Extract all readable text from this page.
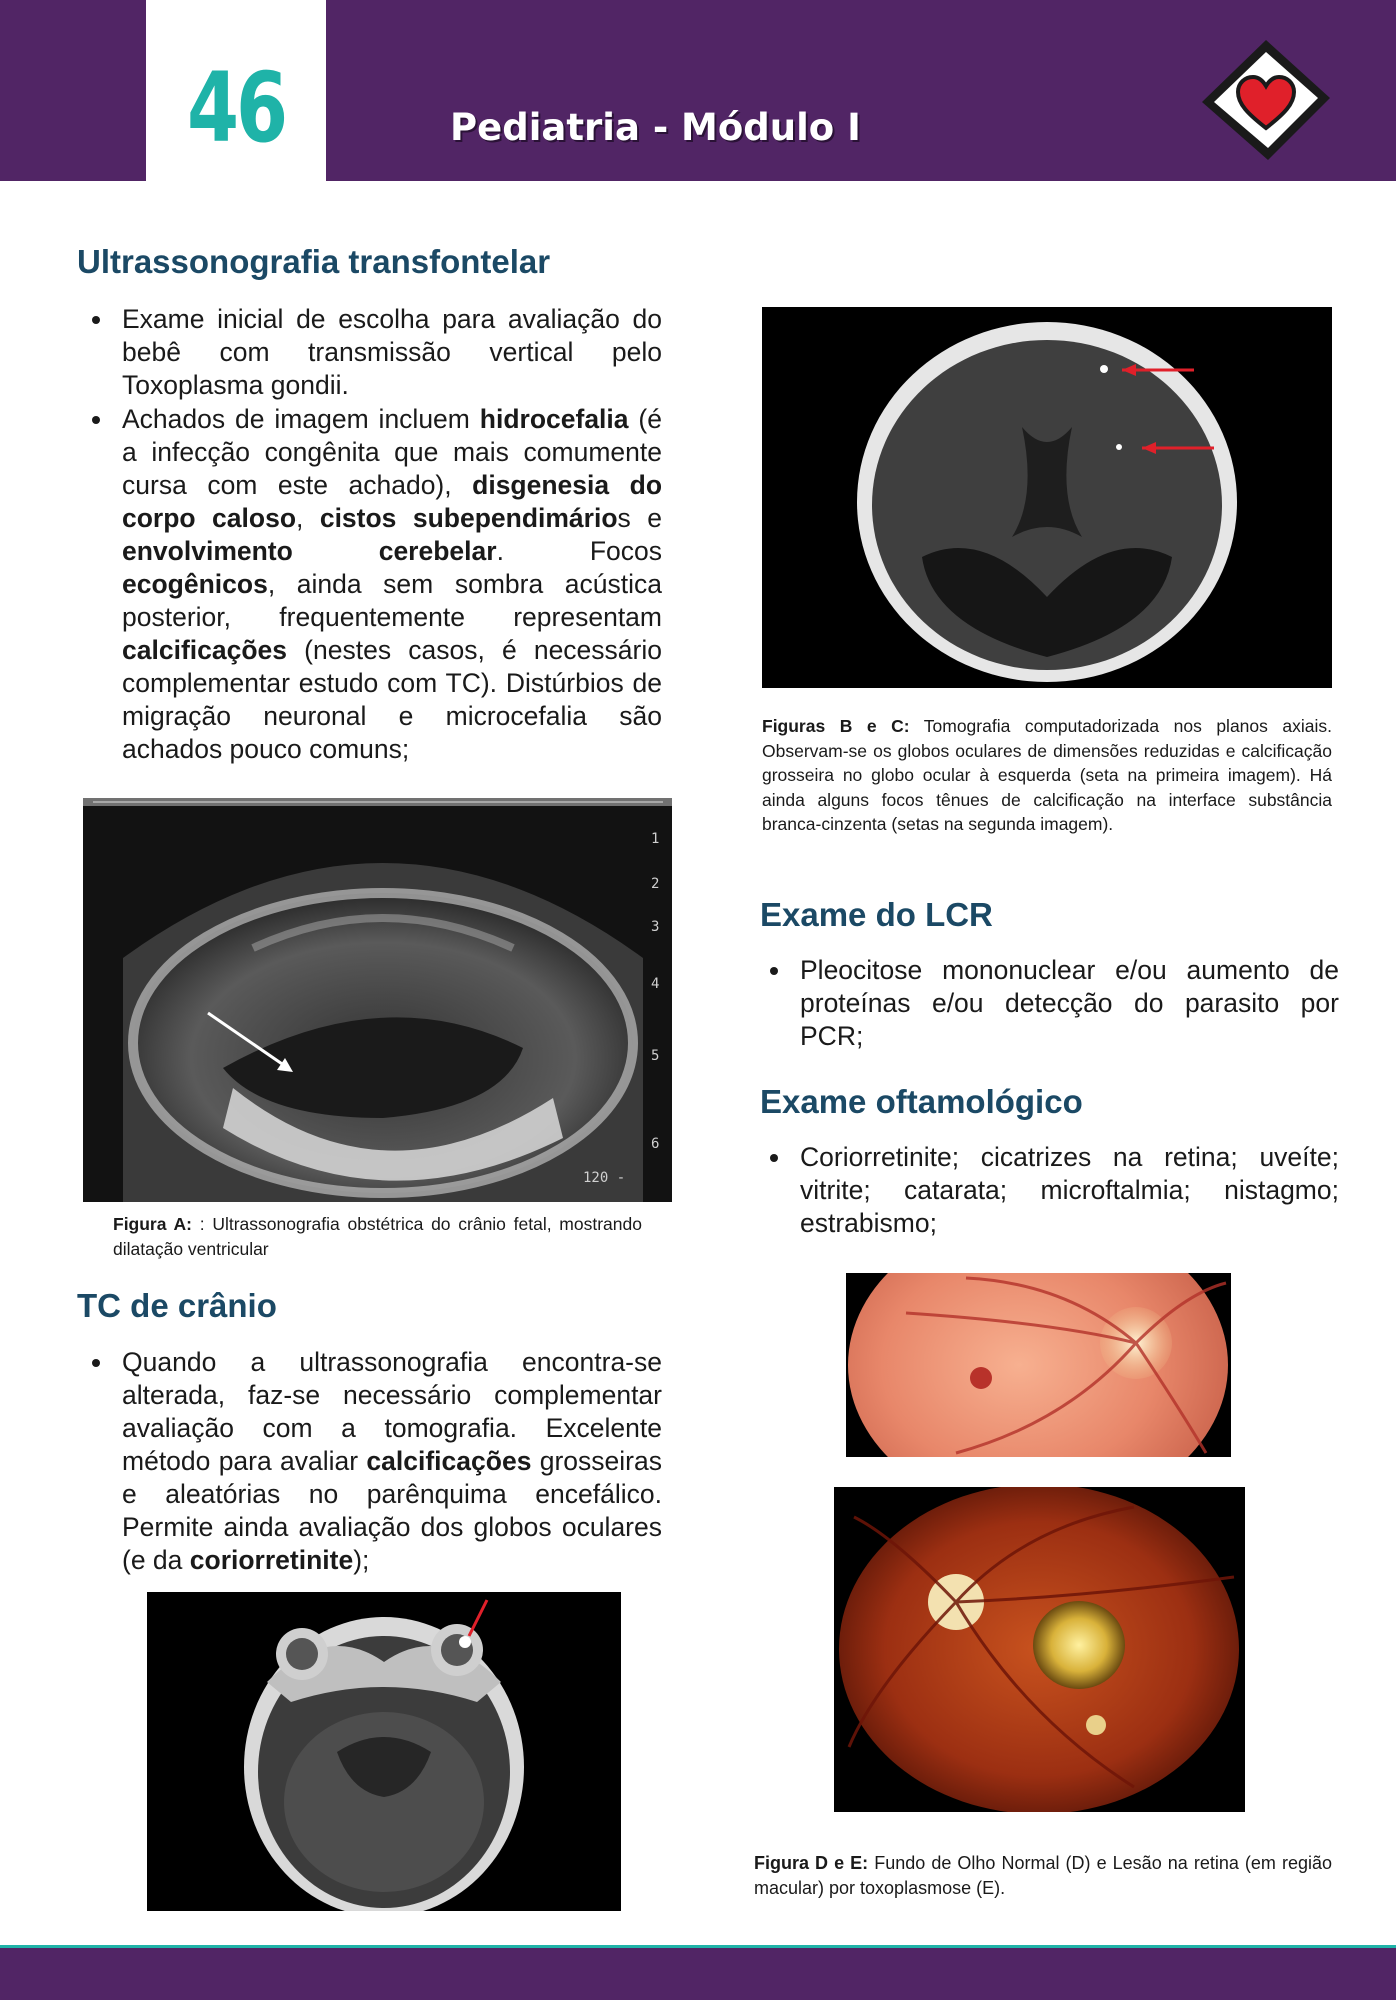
46	Pediatria - Módulo I
Ultrassonografia transfontelar
Exame inicial de escolha para avaliação do bebê com transmissão vertical pelo Toxoplasma gondii.
Achados de imagem incluem hidrocefalia (é a infecção congênita que mais comumente cursa com este achado), disgenesia do corpo caloso, cistos subependimários e envolvimento cerebelar. Focos ecogênicos, ainda sem sombra acústica posterior, frequentemente representam calcificações (nestes casos, é necessário complementar estudo com TC). Distúrbios de migração neuronal e microcefalia são achados pouco comuns;
1
2
3
4
5
6
120 -
Figura A: : Ultrassonografia obstétrica do crânio fetal, mostrando dilatação ventricular
TC de crânio
Quando a ultrassonografia encontra-se alterada, faz-se necessário complementar avaliação com a tomografia. Excelente método para avaliar calcificações grosseiras e aleatórias no parênquima encefálico. Permite ainda avaliação dos globos oculares (e da coriorretinite);
Figuras B e C: Tomografia computadorizada nos planos axiais. Observam-se os globos oculares de dimensões reduzidas e calcificação grosseira no globo ocular à esquerda (seta na primeira imagem). Há ainda alguns focos tênues de calcificação na interface substância branca-cinzenta (setas na segunda imagem).
Exame do LCR
Pleocitose mononuclear e/ou aumento de proteínas e/ou detecção do parasito por PCR;
Exame oftamológico
Coriorretinite; cicatrizes na retina; uveíte; vitrite; catarata; microftalmia; nistagmo; estrabismo;
Figura D e E: Fundo de Olho Normal (D) e Lesão na retina (em região macular) por toxoplasmose (E).
